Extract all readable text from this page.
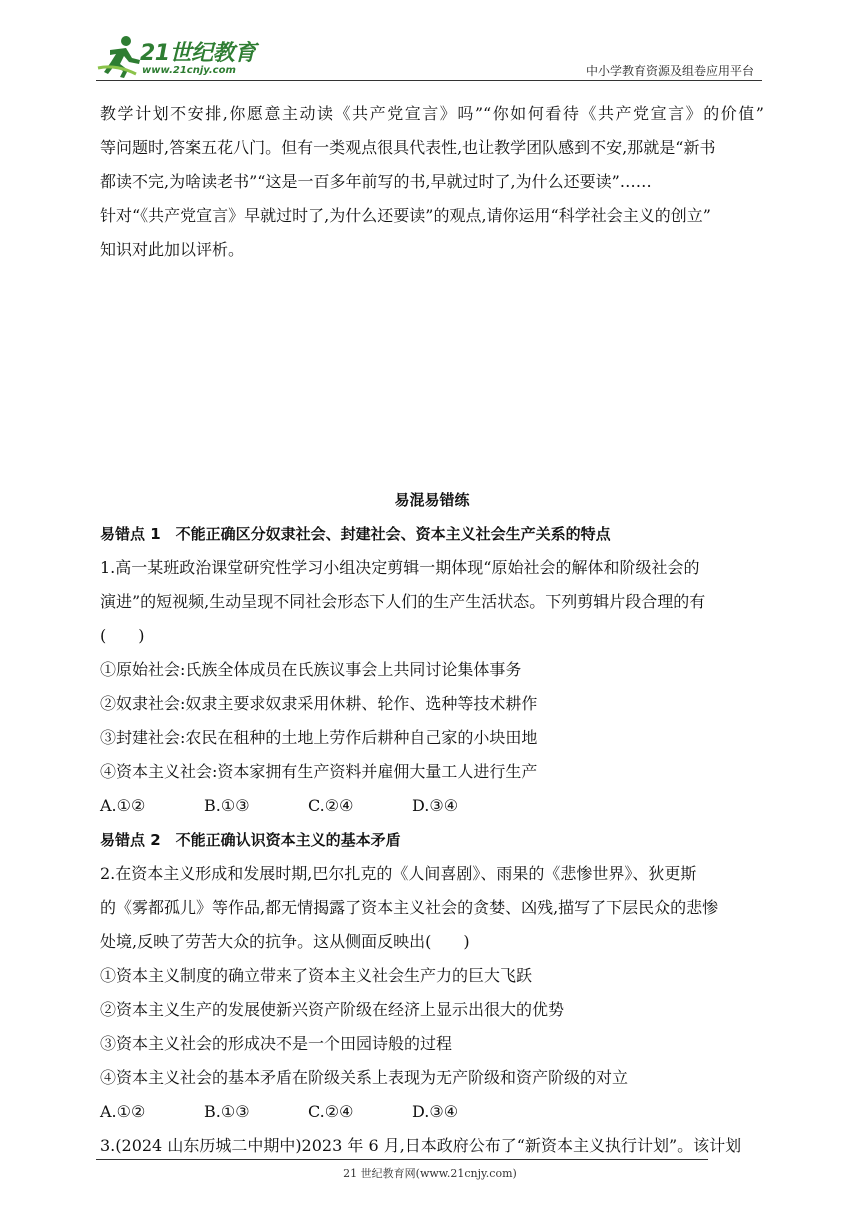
21世纪教育
www.21cnjy.com	中小学教育资源及组卷应用平台
教学计划不安排,你愿意主动读《共产党宣言》吗”“你如何看待《共产党宣言》的价值”
等问题时,答案五花八门。但有一类观点很具代表性,也让教学团队感到不安,那就是“新书
都读不完,为啥读老书”“这是一百多年前写的书,早就过时了,为什么还要读”……
针对“《共产党宣言》早就过时了,为什么还要读”的观点,请你运用“科学社会主义的创立”
知识对此加以评析。
易混易错练
易错点 1　不能正确区分奴隶社会、封建社会、资本主义社会生产关系的特点
1.高一某班政治课堂研究性学习小组决定剪辑一期体现“原始社会的解体和阶级社会的
演进”的短视频,生动呈现不同社会形态下人们的生产生活状态。下列剪辑片段合理的有
(　　)
①原始社会:氏族全体成员在氏族议事会上共同讨论集体事务
②奴隶社会:奴隶主要求奴隶采用休耕、轮作、选种等技术耕作
③封建社会:农民在租种的土地上劳作后耕种自己家的小块田地
④资本主义社会:资本家拥有生产资料并雇佣大量工人进行生产
A.①②	B.①③	C.②④	D.③④
易错点 2　不能正确认识资本主义的基本矛盾
2.在资本主义形成和发展时期,巴尔扎克的《人间喜剧》、雨果的《悲惨世界》、狄更斯
的《雾都孤儿》等作品,都无情揭露了资本主义社会的贪婪、凶残,描写了下层民众的悲惨
处境,反映了劳苦大众的抗争。这从侧面反映出(　　)
①资本主义制度的确立带来了资本主义社会生产力的巨大飞跃
②资本主义生产的发展使新兴资产阶级在经济上显示出很大的优势
③资本主义社会的形成决不是一个田园诗般的过程
④资本主义社会的基本矛盾在阶级关系上表现为无产阶级和资产阶级的对立
A.①②	B.①③	C.②④	D.③④
3.(2024 山东历城二中期中)2023 年 6 月,日本政府公布了“新资本主义执行计划”。该计划
21 世纪教育网(www.21cnjy.com)
